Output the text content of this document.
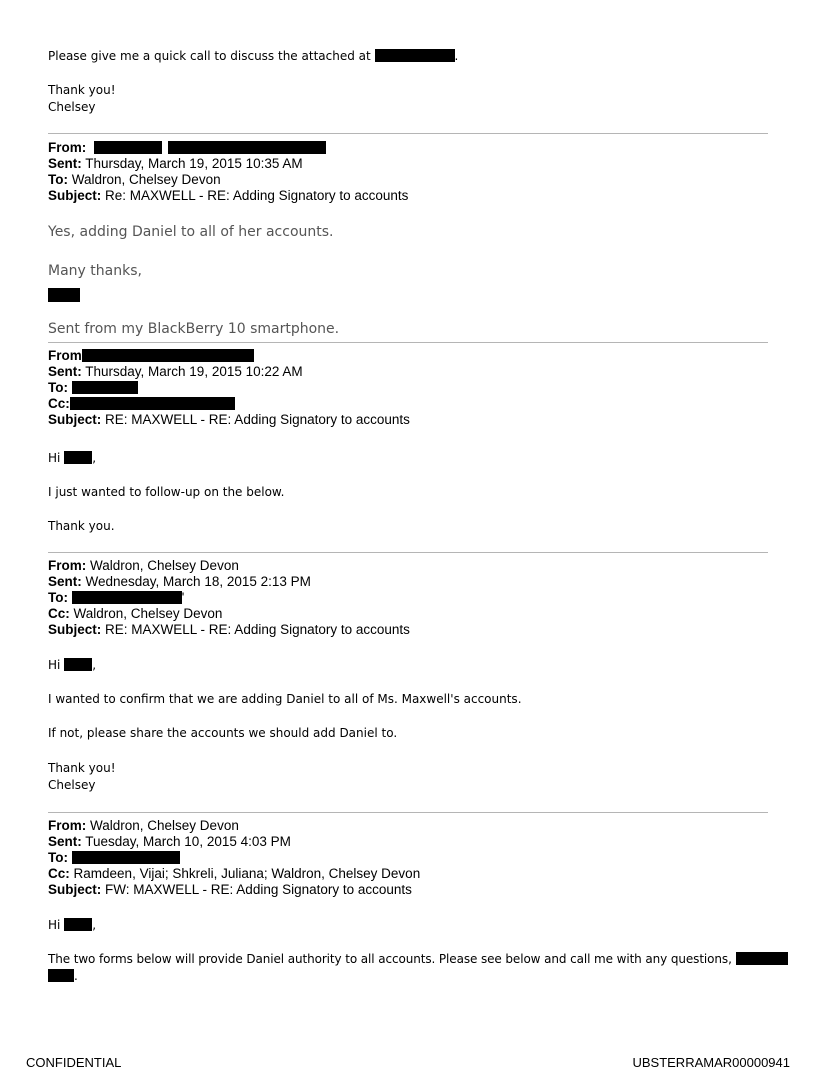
Please give me a quick call to discuss the attached at	.
Thank you!
Chelsey
From:
Sent: Thursday, March 19, 2015 10:35 AM
To: Waldron, Chelsey Devon
Subject: Re: MAXWELL - RE: Adding Signatory to accounts
Yes, adding Daniel to all of her accounts.
Many thanks,
Sent from my BlackBerry 10 smartphone.
From
Sent: Thursday, March 19, 2015 10:22 AM
To:
Cc:
Subject: RE: MAXWELL - RE: Adding Signatory to accounts
Hi	,
I just wanted to follow-up on the below.
Thank you.
From: Waldron, Chelsey Devon
Sent: Wednesday, March 18, 2015 2:13 PM
To:	'
Cc: Waldron, Chelsey Devon
Subject: RE: MAXWELL - RE: Adding Signatory to accounts
Hi	,
I wanted to confirm that we are adding Daniel to all of Ms. Maxwell's accounts.
If not, please share the accounts we should add Daniel to.
Thank you!
Chelsey
From: Waldron, Chelsey Devon
Sent: Tuesday, March 10, 2015 4:03 PM
To:
Cc: Ramdeen, Vijai; Shkreli, Juliana; Waldron, Chelsey Devon
Subject: FW: MAXWELL - RE: Adding Signatory to accounts
Hi	,
The two forms below will provide Daniel authority to all accounts. Please see below and call me with any questions,
.
CONFIDENTIAL	UBSTERRAMAR00000941
